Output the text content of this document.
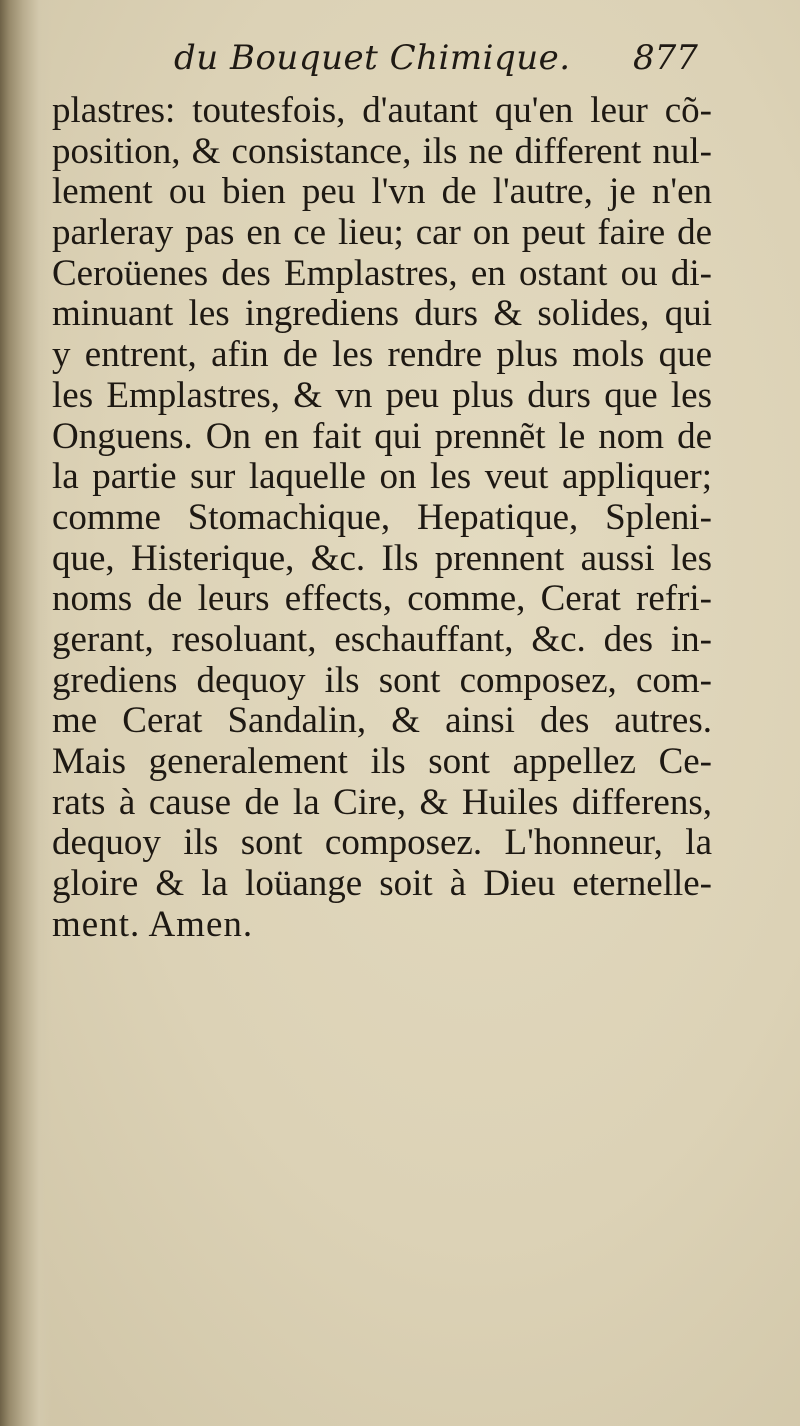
du Bouquet Chimique. 877
plastres: toutesfois, d'autant qu'en leur cõ-
position, & consistance, ils ne different nul-
lement ou bien peu l'vn de l'autre, je n'en
parleray pas en ce lieu; car on peut faire de
Ceroüenes des Emplastres, en ostant ou di-
minuant les ingrediens durs & solides, qui
y entrent, afin de les rendre plus mols que
les Emplastres, & vn peu plus durs que les
Onguens. On en fait qui prennẽt le nom de
la partie sur laquelle on les veut appliquer;
comme Stomachique, Hepatique, Spleni-
que, Histerique, &c. Ils prennent aussi les
noms de leurs effects, comme, Cerat refri-
gerant, resoluant, eschauffant, &c. des in-
grediens dequoy ils sont composez, com-
me Cerat Sandalin, & ainsi des autres.
Mais generalement ils sont appellez Ce-
rats à cause de la Cire, & Huiles differens,
dequoy ils sont composez. L'honneur, la
gloire & la loüange soit à Dieu eternelle-
ment. Amen.
